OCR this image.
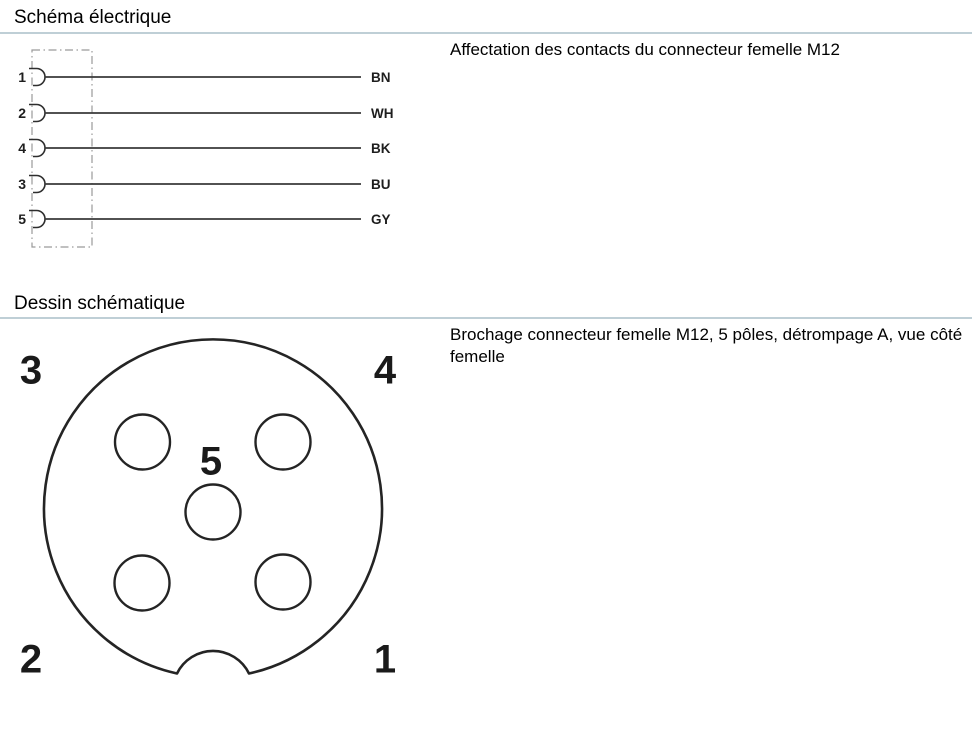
Schéma électrique
Affectation des contacts du connecteur femelle M12
1	BN
2	WH
4	BK
3	BU
5	GY
Dessin schématique
Brochage connecteur femelle M12, 5 pôles, détrompage A, vue côté femelle
3	4
5
2	1
